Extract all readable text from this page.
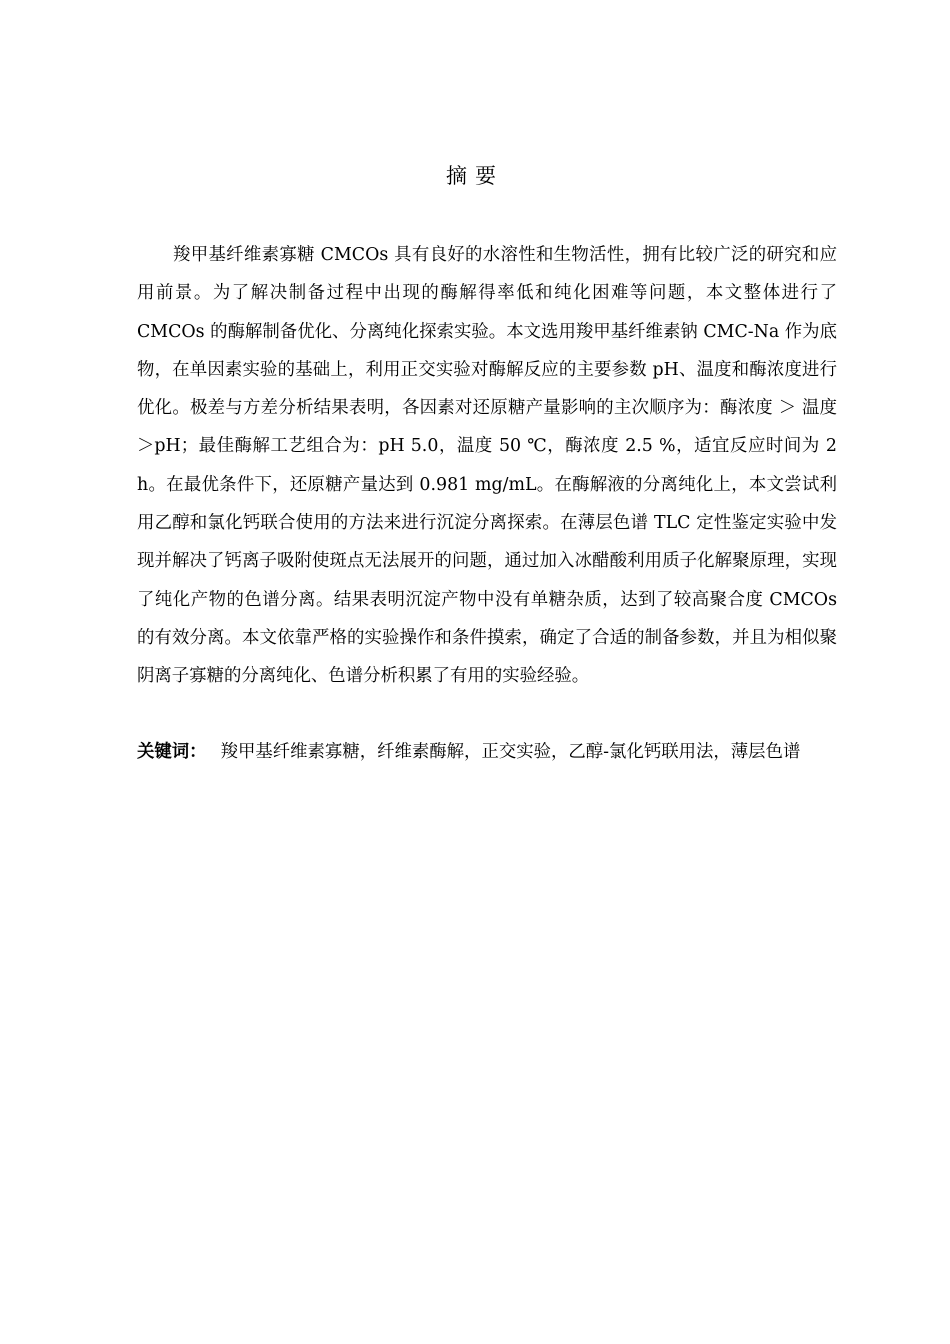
摘要

羧甲基纤维素寡糖 CMCOs 具有良好的水溶性和生物活性，拥有比较广泛的研究和应用前景。为了解决制备过程中出现的酶解得率低和纯化困难等问题，本文整体进行了 CMCOs 的酶解制备优化、分离纯化探索实验。本文选用羧甲基纤维素钠 CMC-Na 作为底物，在单因素实验的基础上，利用正交实验对酶解反应的主要参数 pH、温度和酶浓度进行优化。极差与方差分析结果表明，各因素对还原糖产量影响的主次顺序为：酶浓度 ＞ 温度 ＞pH；最佳酶解工艺组合为：pH 5.0，温度 50 ℃，酶浓度 2.5 %，适宜反应时间为 2 h。在最优条件下，还原糖产量达到 0.981 mg/mL。在酶解液的分离纯化上，本文尝试利用乙醇和氯化钙联合使用的方法来进行沉淀分离探索。在薄层色谱 TLC 定性鉴定实验中发现并解决了钙离子吸附使斑点无法展开的问题，通过加入冰醋酸利用质子化解聚原理，实现了纯化产物的色谱分离。结果表明沉淀产物中没有单糖杂质，达到了较高聚合度 CMCOs 的有效分离。本文依靠严格的实验操作和条件摸索，确定了合适的制备参数，并且为相似聚阴离子寡糖的分离纯化、色谱分析积累了有用的实验经验。

关键词： 羧甲基纤维素寡糖，纤维素酶解，正交实验，乙醇-氯化钙联用法，薄层色谱
